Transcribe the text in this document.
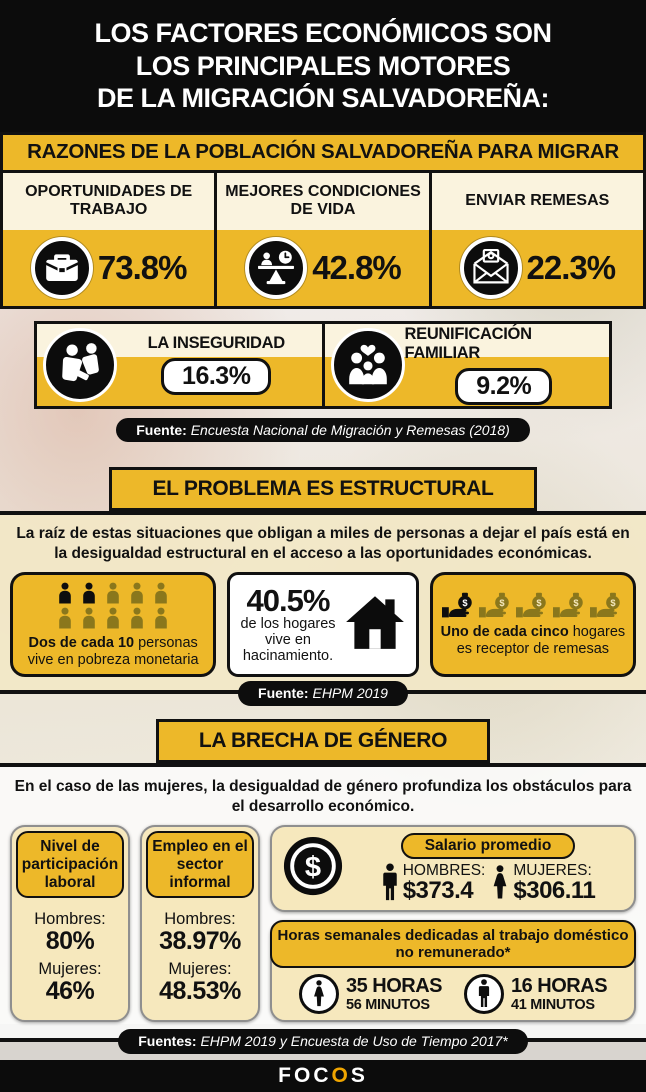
LOS FACTORES ECONÓMICOS SON
LOS PRINCIPALES MOTORES
DE LA MIGRACIÓN SALVADOREÑA:
RAZONES DE LA POBLACIÓN SALVADOREÑA PARA MIGRAR
OPORTUNIDADES DE TRABAJO
73.8%
MEJORES CONDICIONES DE VIDA
42.8%
ENVIAR REMESAS
22.3%
LA INSEGURIDAD
16.3%
REUNIFICACIÓN FAMILIAR
9.2%
Fuente: Encuesta Nacional de Migración y Remesas (2018)
EL PROBLEMA ES ESTRUCTURAL

La raíz de estas situaciones que obligan a miles de personas a dejar el país está en la desigualdad estructural en el acceso a las oportunidades económicas.

Dos de cada 10 personas vive en pobreza monetaria
40.5%
de los hogares vive en hacinamiento.
Uno de cada cinco hogares es receptor de remesas
Fuente: EHPM 2019
LA BRECHA DE GÉNERO

En el caso de las mujeres, la desigualdad de género profundiza los obstáculos para el desarrollo económico.

Nivel de participación laboral
Hombres:
80%
Mujeres:
46%
Empleo en el sector informal
Hombres:
38.97%
Mujeres:
48.53%
$
Salario promedio
HOMBRES:
$373.4
MUJERES:
$306.11
Horas semanales dedicadas al trabajo doméstico no remunerado*
35 HORAS
56 MINUTOS
16 HORAS
41 MINUTOS
Fuentes: EHPM 2019 y Encuesta de Uso de Tiempo 2017*
FOC O S
